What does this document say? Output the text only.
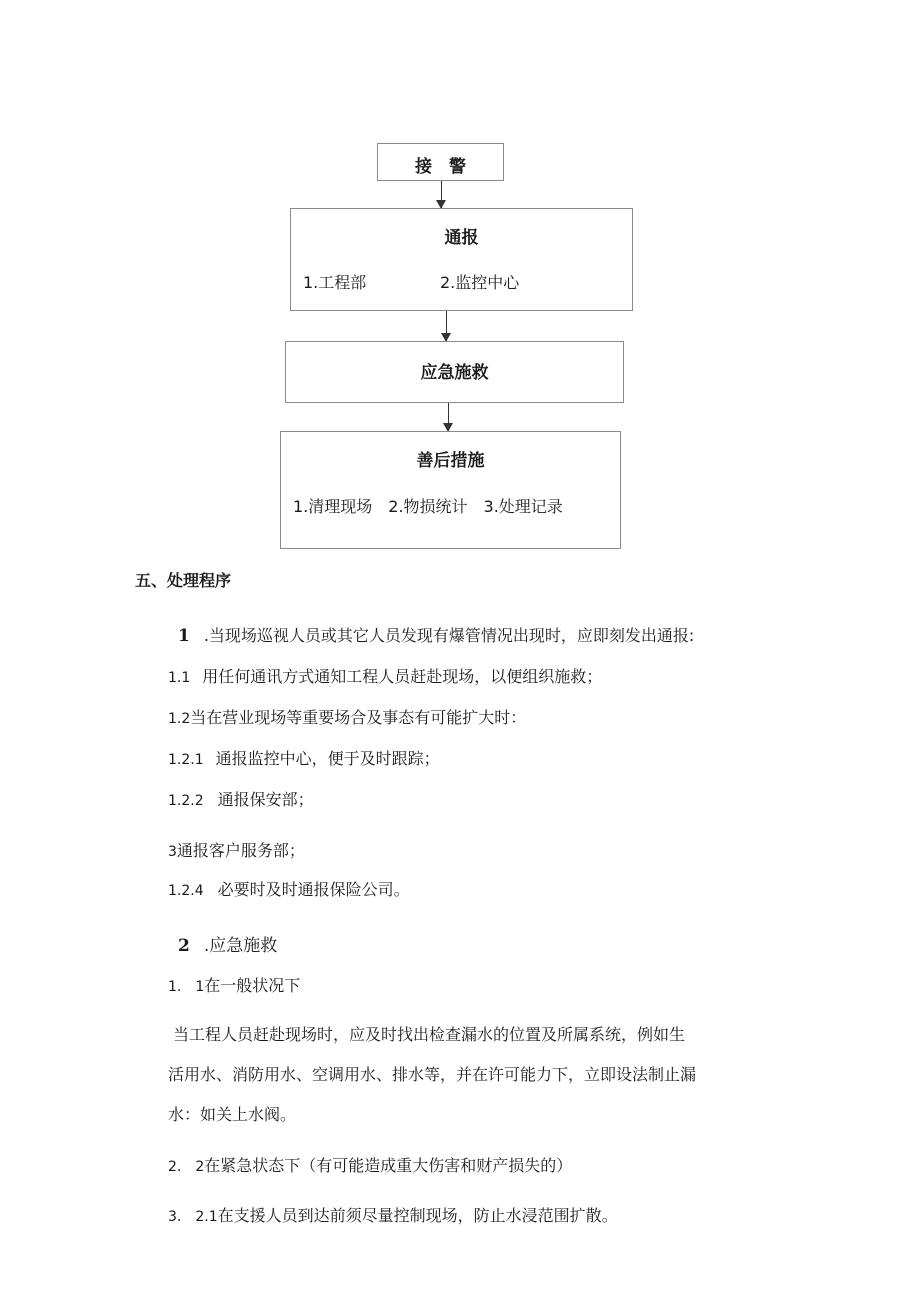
接　警
通报
1.工程部	2.监控中心
应急施救
善后措施
1.清理现场　2.物损统计　3.处理记录
五、处理程序
1 .当现场巡视人员或其它人员发现有爆管情况出现时，应即刻发出通报:
1.1 用任何通讯方式通知工程人员赶赴现场，以便组织施救；
1.2当在营业现场等重要场合及事态有可能扩大时：
1.2.1 通报监控中心，便于及时跟踪；
1.2.2 通报保安部；
3通报客户服务部；
1.2.4 必要时及时通报保险公司。
2 .应急施救
1. 1在一般状况下
当工程人员赶赴现场时，应及时找出检查漏水的位置及所属系统，例如生
活用水、消防用水、空调用水、排水等，并在许可能力下，立即设法制止漏
水：如关上水阀。
2. 2在紧急状态下（有可能造成重大伤害和财产损失的）
3. 2.1在支援人员到达前须尽量控制现场，防止水浸范围扩散。
